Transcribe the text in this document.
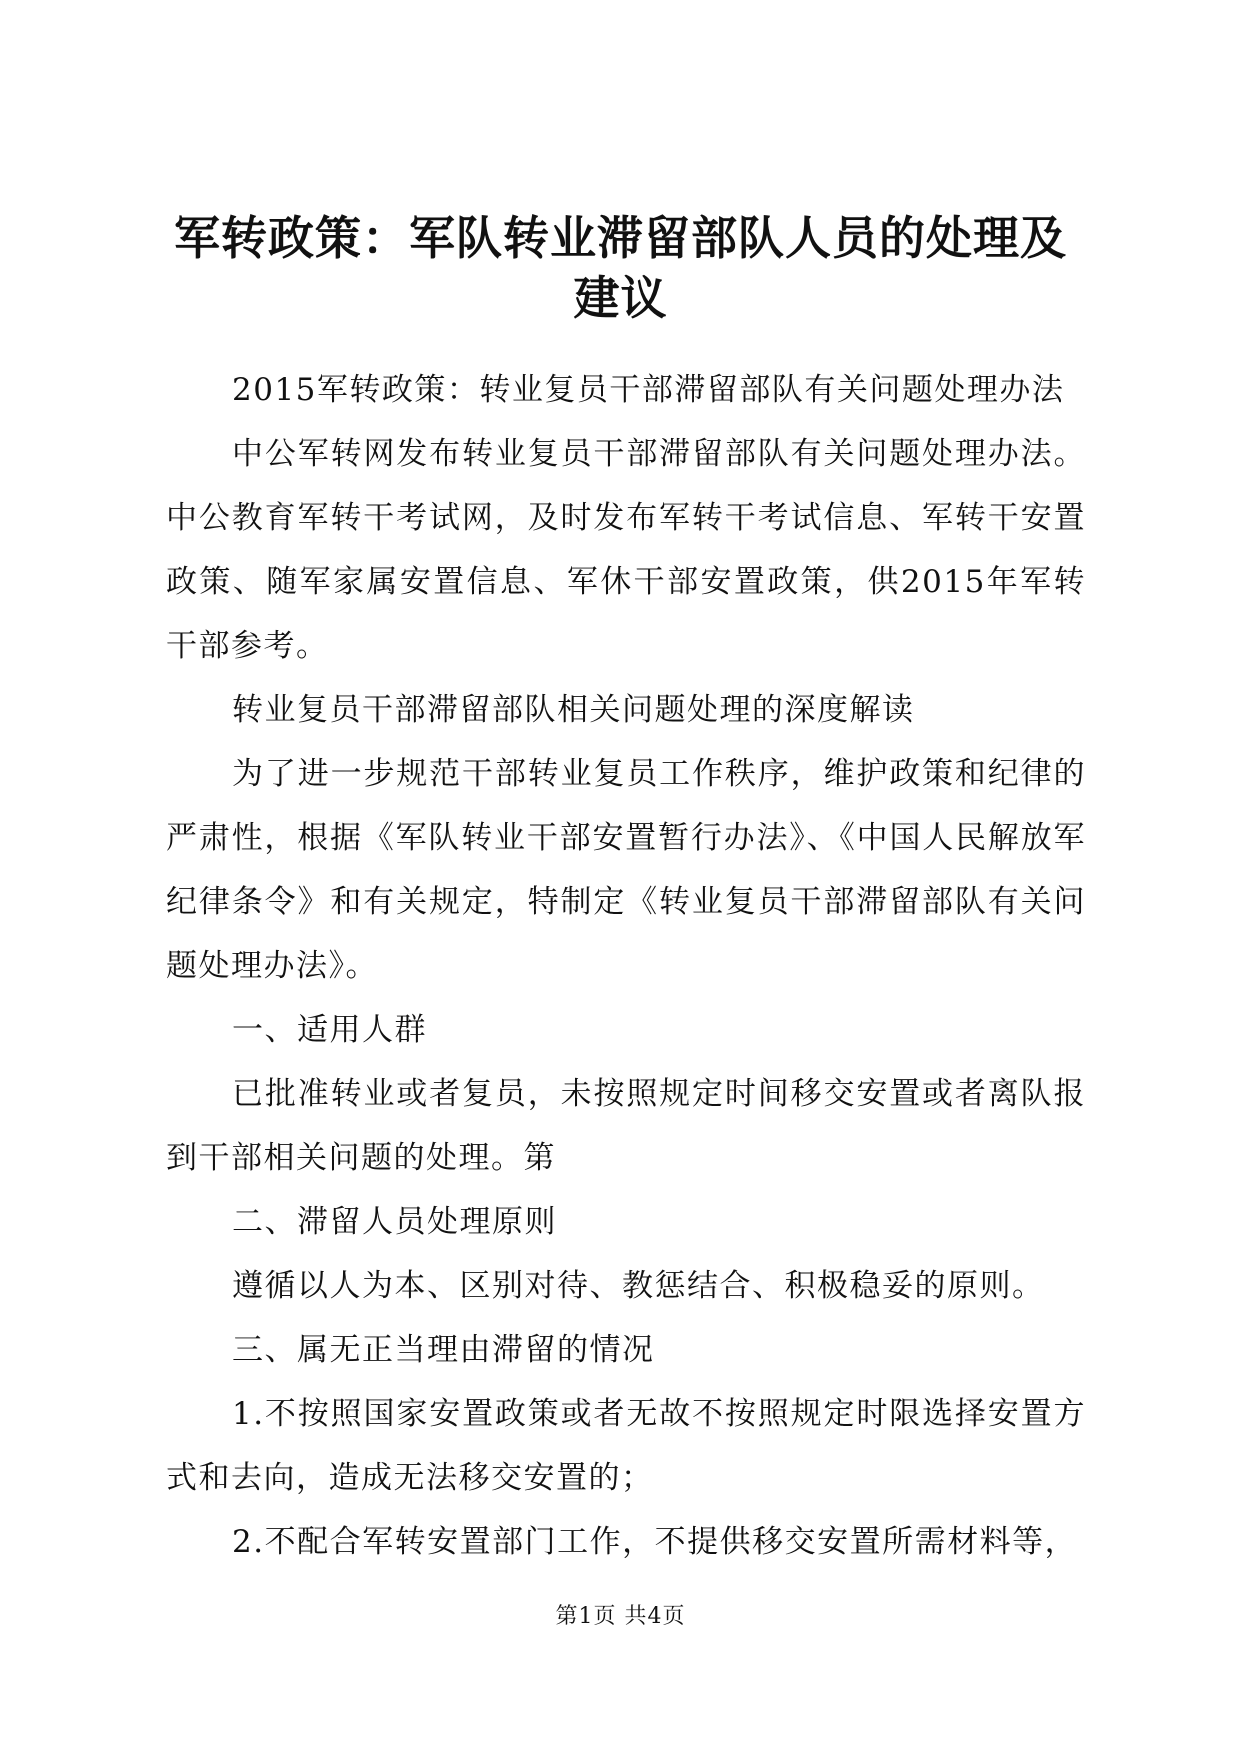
军转政策：军队转业滞留部队人员的处理及建议

2015军转政策：转业复员干部滞留部队有关问题处理办法

中公军转网发布转业复员干部滞留部队有关问题处理办法。中公教育军转干考试网，及时发布军转干考试信息、军转干安置政策、随军家属安置信息、军休干部安置政策，供2015年军转干部参考。

转业复员干部滞留部队相关问题处理的深度解读

为了进一步规范干部转业复员工作秩序，维护政策和纪律的严肃性，根据《军队转业干部安置暂行办法》、《中国人民解放军纪律条令》和有关规定，特制定《转业复员干部滞留部队有关问题处理办法》。

一、适用人群

已批准转业或者复员，未按照规定时间移交安置或者离队报到干部相关问题的处理。第

二、滞留人员处理原则

遵循以人为本、区别对待、教惩结合、积极稳妥的原则。

三、属无正当理由滞留的情况

1.不按照国家安置政策或者无故不按照规定时限选择安置方式和去向，造成无法移交安置的；

2.不配合军转安置部门工作，不提供移交安置所需材料等，

第1页 共4页
